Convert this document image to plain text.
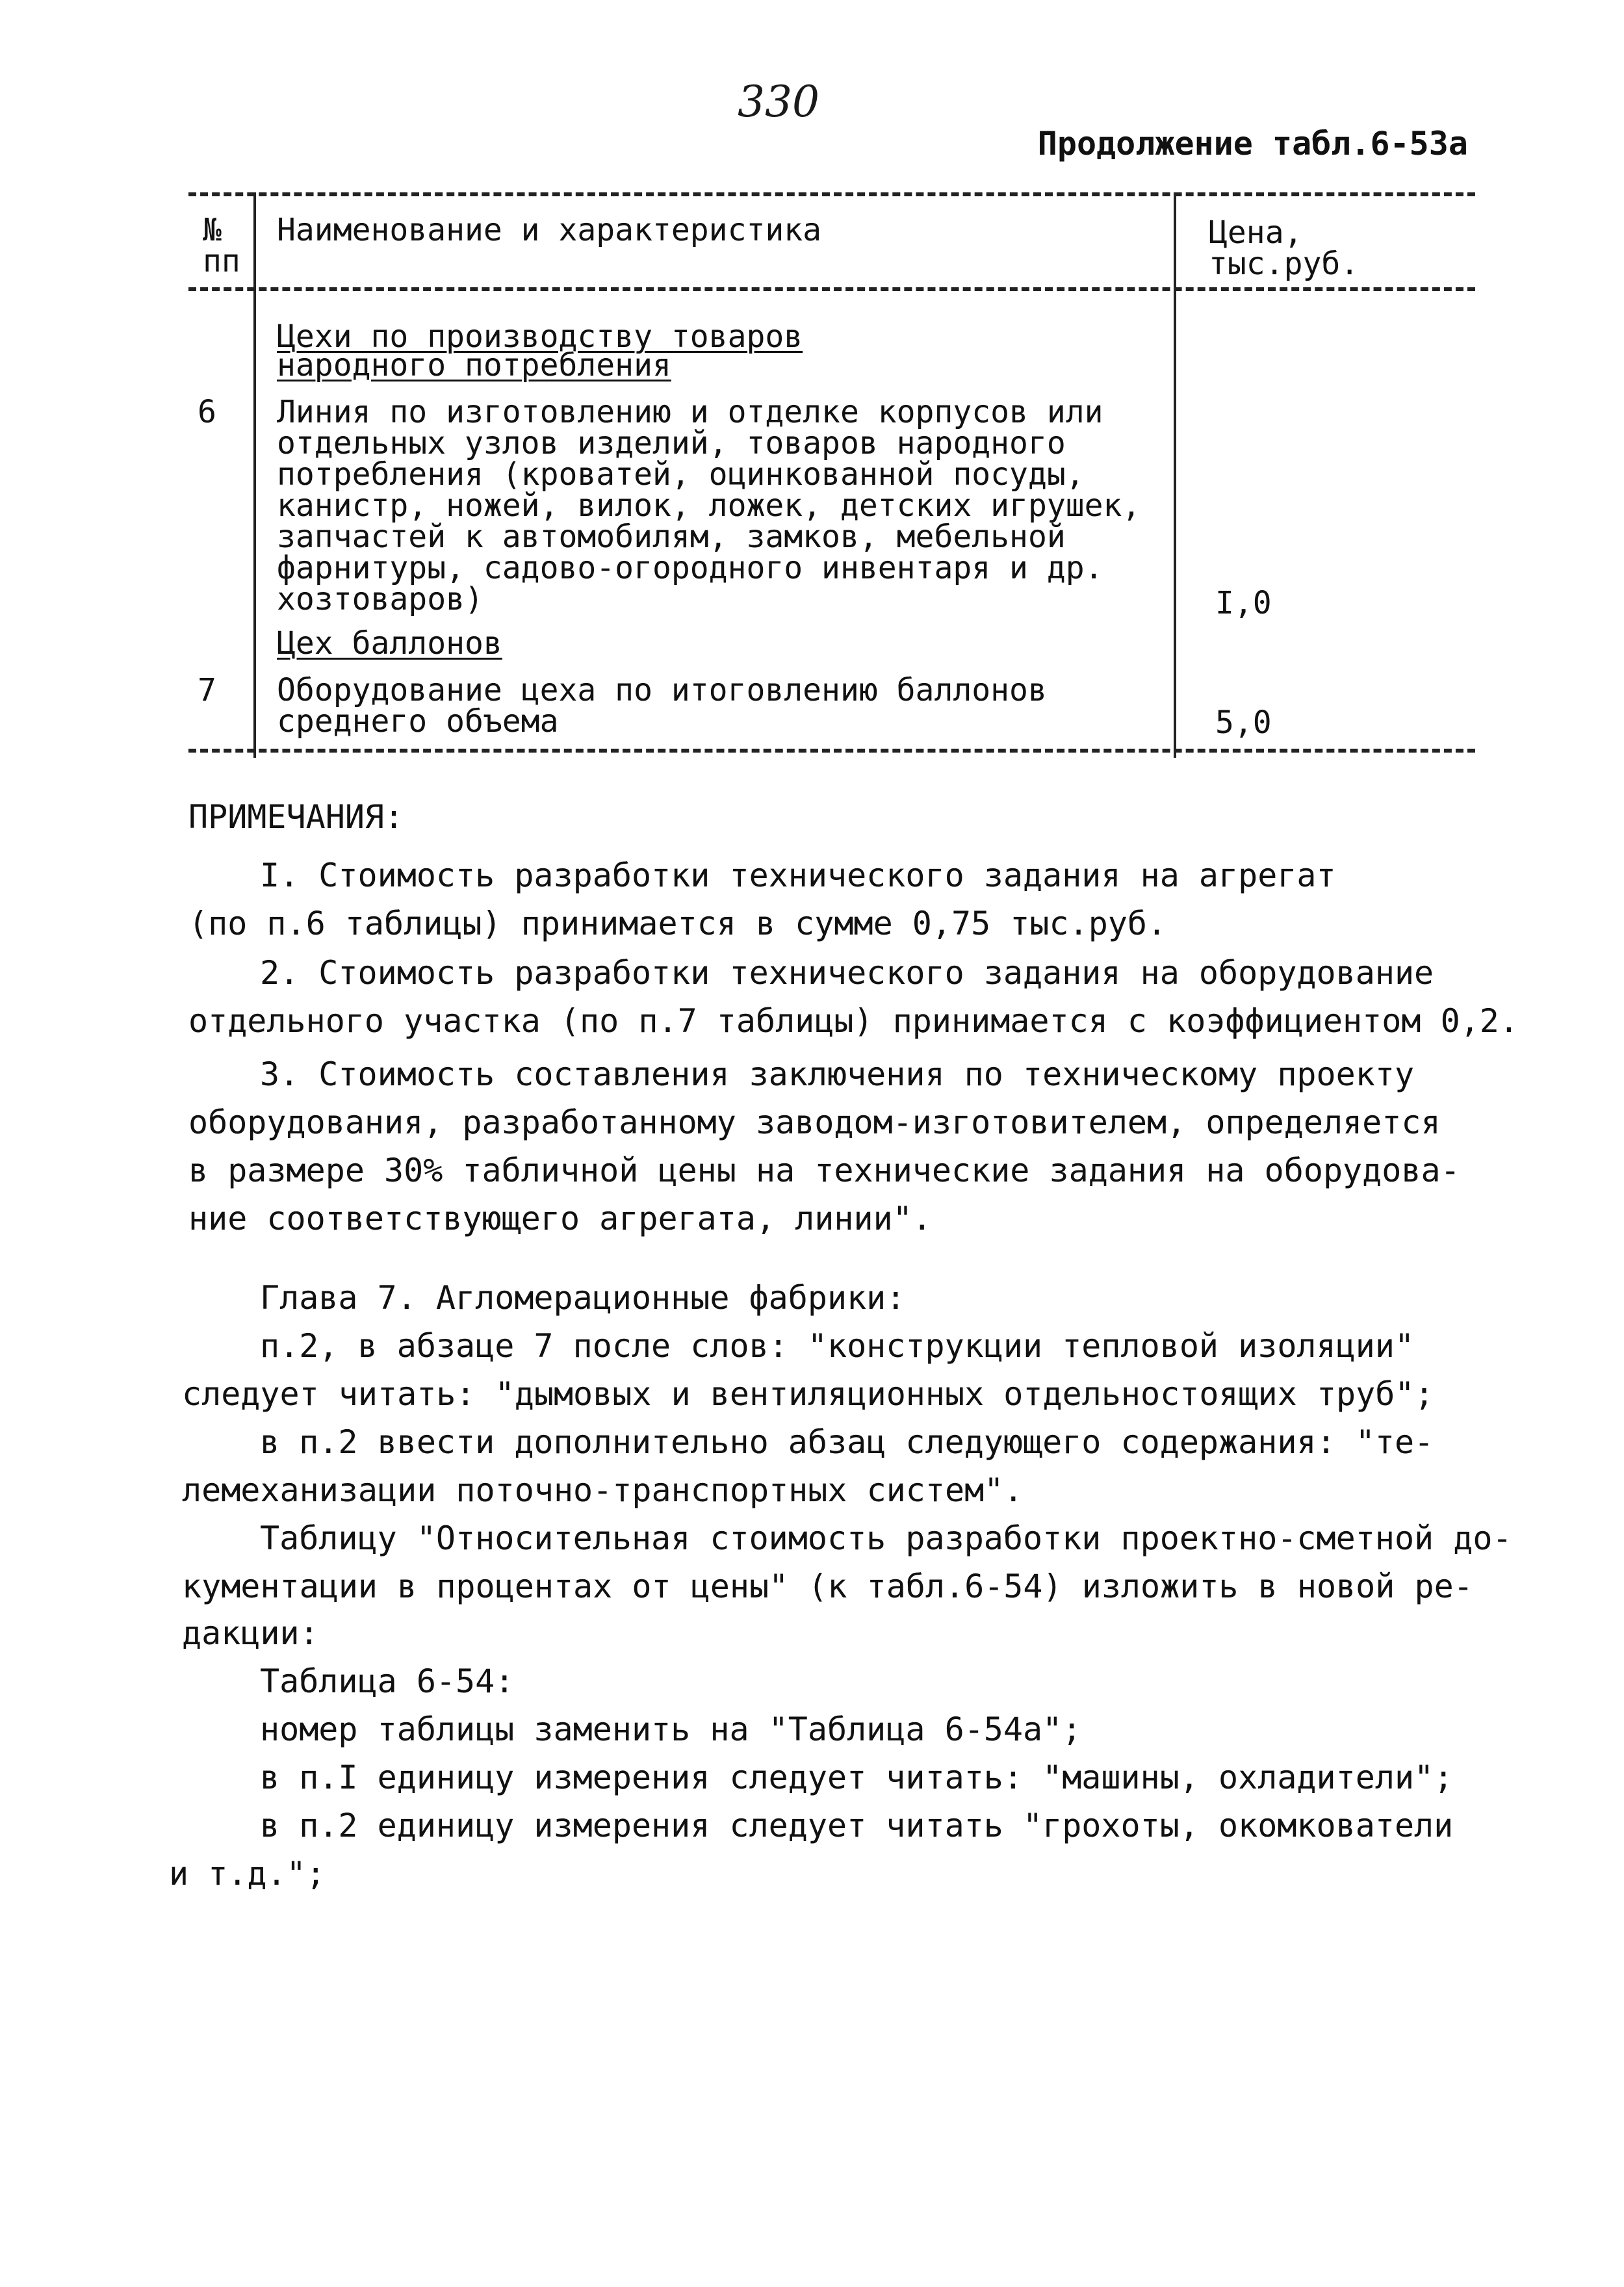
330
Продолжение табл.6-53а
№
пп
Наименование и характеристика	Цена,
тыс.руб.
Цехи по производству товаров
народного потребления
6 Линия по изготовлению и отделке корпусов или
отдельных узлов изделий, товаров народного
потребления (кроватей, оцинкованной посуды,
канистр, ножей, вилок, ложек, детских игрушек,
запчастей к автомобилям, замков, мебельной
фарнитуры, садово-огородного инвентаря и др.
хозтоваров)	I,0
Цех баллонов
7 Оборудование цеха по итоговлению баллонов
среднего объема	5,0
ПРИМЕЧАНИЯ:
I. Стоимость разработки технического задания на агрегат
(по п.6 таблицы) принимается в сумме 0,75 тыс.руб.
2. Стоимость разработки технического задания на оборудование
отдельного участка (по п.7 таблицы) принимается с коэффициентом 0,2.
3. Стоимость составления заключения по техническому проекту
оборудования, разработанному заводом-изготовителем, определяется
в размере 30% табличной цены на технические задания на оборудова-
ние соответствующего агрегата, линии".
Глава 7. Агломерационные фабрики:
п.2, в абзаце 7 после слов: "конструкции тепловой изоляции"
следует читать: "дымовых и вентиляционных отдельностоящих труб";
в п.2 ввести дополнительно абзац следующего содержания: "те-
лемеханизации поточно-транспортных систем".
Таблицу "Относительная стоимость разработки проектно-сметной до-
кументации в процентах от цены" (к табл.6-54) изложить в новой ре-
дакции:
Таблица 6-54:
номер таблицы заменить на "Таблица 6-54а";
в п.I единицу измерения следует читать: "машины, охладители";
в п.2 единицу измерения следует читать "грохоты, окомкователи
и т.д.";
